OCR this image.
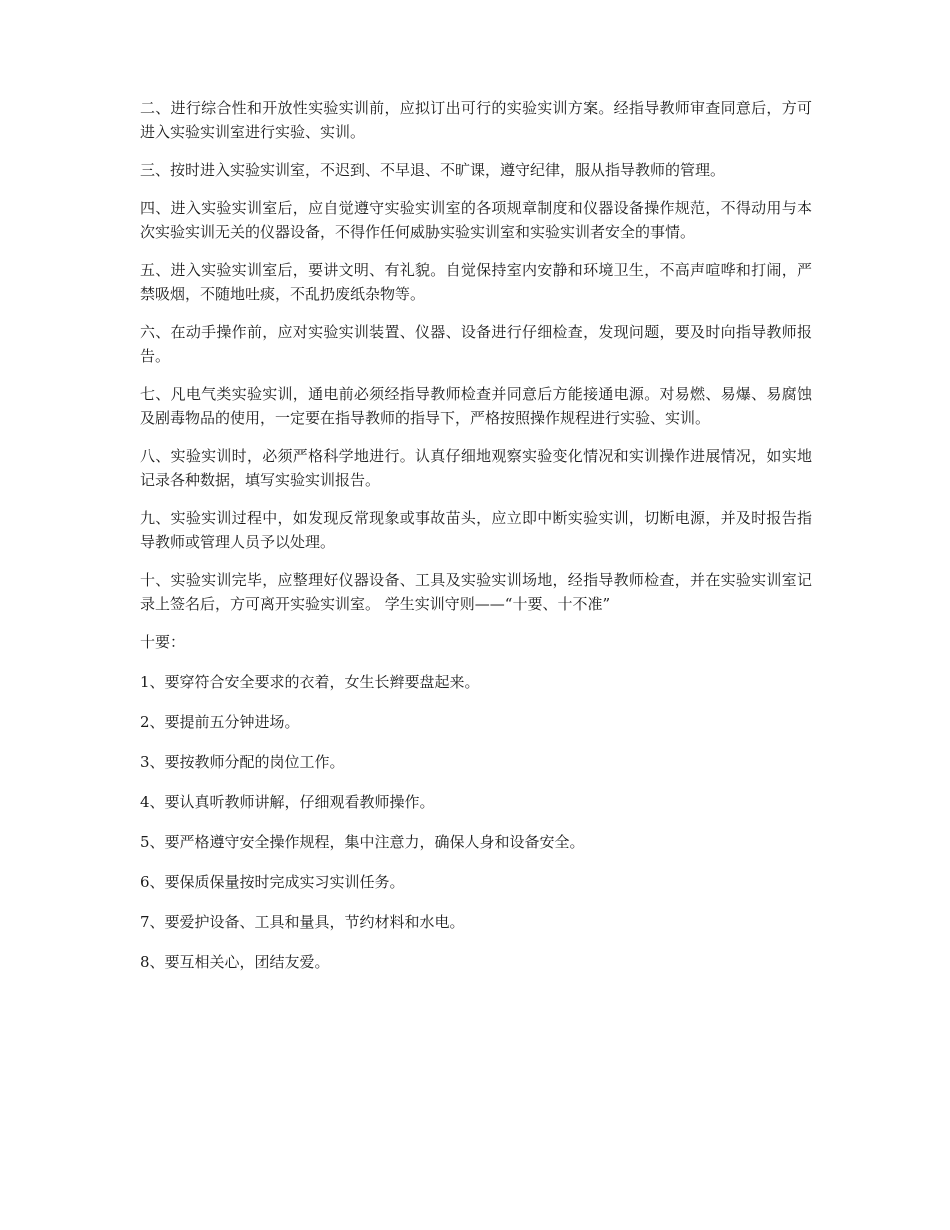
二、进行综合性和开放性实验实训前，应拟订出可行的实验实训方案。经指导教师审查同意后，方可进入实验实训室进行实验、实训。

三、按时进入实验实训室，不迟到、不早退、不旷课，遵守纪律，服从指导教师的管理。

四、进入实验实训室后，应自觉遵守实验实训室的各项规章制度和仪器设备操作规范，不得动用与本次实验实训无关的仪器设备，不得作任何威胁实验实训室和实验实训者安全的事情。

五、进入实验实训室后，要讲文明、有礼貌。自觉保持室内安静和环境卫生，不高声喧哗和打闹，严禁吸烟，不随地吐痰，不乱扔废纸杂物等。

六、在动手操作前，应对实验实训装置、仪器、设备进行仔细检查，发现问题，要及时向指导教师报告。

七、凡电气类实验实训，通电前必须经指导教师检查并同意后方能接通电源。对易燃、易爆、易腐蚀及剧毒物品的使用，一定要在指导教师的指导下，严格按照操作规程进行实验、实训。

八、实验实训时，必须严格科学地进行。认真仔细地观察实验变化情况和实训操作进展情况，如实地记录各种数据，填写实验实训报告。

九、实验实训过程中，如发现反常现象或事故苗头，应立即中断实验实训，切断电源，并及时报告指导教师或管理人员予以处理。

十、实验实训完毕，应整理好仪器设备、工具及实验实训场地，经指导教师检查，并在实验实训室记录上签名后，方可离开实验实训室。 学生实训守则——“十要、十不准”

十要：

1、要穿符合安全要求的衣着，女生长辫要盘起来。

2、要提前五分钟进场。

3、要按教师分配的岗位工作。

4、要认真听教师讲解，仔细观看教师操作。

5、要严格遵守安全操作规程，集中注意力，确保人身和设备安全。

6、要保质保量按时完成实习实训任务。

7、要爱护设备、工具和量具，节约材料和水电。

8、要互相关心，团结友爱。
